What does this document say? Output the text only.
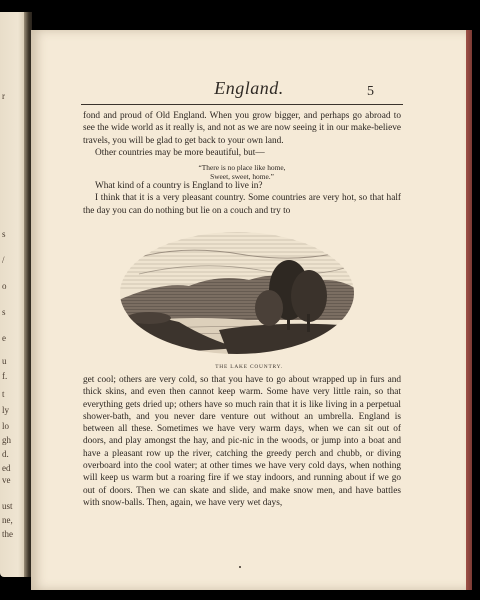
r
s
/
o
s
e
u
f.
t
ly
lo
gh
d.
ed
ve
ust
ne,
the
England.	5

fond and proud of Old England. When you grow bigger, and perhaps go abroad to see the wide world as it really is, and not as we are now seeing it in our make-believe travels, you will be glad to get back to your own land.

Other countries may be more beautiful, but—

“There is no place like home,
Sweet, sweet, home.”

What kind of a country is England to live in?

I think that it is a very pleasant country. Some countries are very hot, so that half the day you can do nothing but lie on a couch and try to

THE LAKE COUNTRY.

get cool; others are very cold, so that you have to go about wrapped up in furs and thick skins, and even then cannot keep warm. Some have very little rain, so that everything gets dried up; others have so much rain that it is like living in a perpetual shower-bath, and you never dare venture out without an umbrella. England is between all these. Sometimes we have very warm days, when we can sit out of doors, and play amongst the hay, and pic-nic in the woods, or jump into a boat and have a pleasant row up the river, catching the greedy perch and chubb, or diving overboard into the cool water; at other times we have very cold days, when nothing will keep us warm but a roaring fire if we stay indoors, and running about if we go out of doors. Then we can skate and slide, and make snow men, and have battles with snow-balls. Then, again, we have very wet days,
